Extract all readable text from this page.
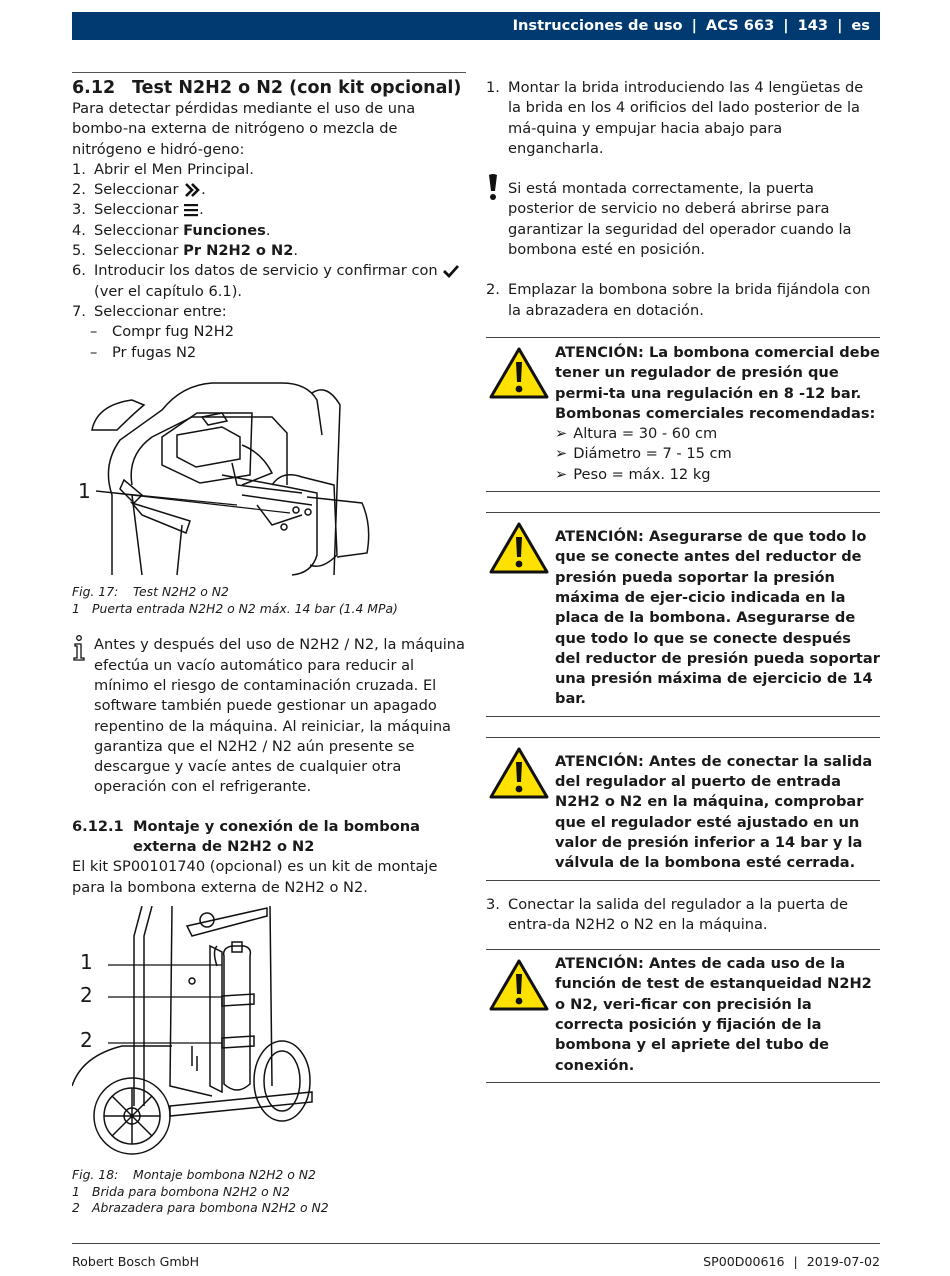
Instrucciones de uso | ACS 663 | 143 | es
6.12 Test N2H2 o N2 (con kit opcional)

Para detectar pérdidas mediante el uso de una bombo-na externa de nitrógeno o mezcla de nitrógeno e hidró-geno:

1. Abrir el Men Principal.
2. Seleccionar .
3. Seleccionar .
4. Seleccionar Funciones.
5. Seleccionar Pr N2H2 o N2.
6. Introducir los datos de servicio y confirmar con
(ver el capítulo 6.1).
7. Seleccionar entre:
– Compr fug N2H2
– Pr fugas N2
1
Fig. 17: Test N2H2 o N2
1 Puerta entrada N2H2 o N2 máx. 14 bar (1.4 MPa)

Antes y después del uso de N2H2 / N2, la máquina efectúa un vacío automático para reducir al mínimo el riesgo de contaminación cruzada. El software también puede gestionar un apagado repentino de la máquina. Al reiniciar, la máquina garantiza que el N2H2 / N2 aún presente se descargue y vacíe antes de cualquier otra operación con el refrigerante.

6.12.1 Montaje y conexión de la bombona externa de N2H2 o N2

El kit SP00101740 (opcional) es un kit de montaje para la bombona externa de N2H2 o N2.

1
2
2
Fig. 18: Montaje bombona N2H2 o N2
1 Brida para bombona N2H2 o N2
2 Abrazadera para bombona N2H2 o N2
1. Montar la brida introduciendo las 4 lengüetas de la brida en los 4 orificios del lado posterior de la má-quina y empujar hacia abajo para engancharla.

Si está montada correctamente, la puerta posterior de servicio no deberá abrirse para garantizar la seguridad del operador cuando la bombona esté en posición.

2. Emplazar la bombona sobre la brida fijándola con la abrazadera en dotación.
ATENCIÓN: La bombona comercial debe tener un regulador de presión que permi-ta una regulación en 8 -12 bar. Bombonas comerciales recomendadas:
➢ Altura = 30 - 60 cm
➢ Diámetro = 7 - 15 cm
➢ Peso = máx. 12 kg
ATENCIÓN: Asegurarse de que todo lo que se conecte antes del reductor de presión pueda soportar la presión máxima de ejer-cicio indicada en la placa de la bombona. Asegurarse de que todo lo que se conecte después del reductor de presión pueda soportar una presión máxima de ejercicio de 14 bar.
ATENCIÓN: Antes de conectar la salida del regulador al puerto de entrada N2H2 o N2 en la máquina, comprobar que el regulador esté ajustado en un valor de presión inferior a 14 bar y la válvula de la bombona esté cerrada.
3. Conectar la salida del regulador a la puerta de entra-da N2H2 o N2 en la máquina.
ATENCIÓN: Antes de cada uso de la función de test de estanqueidad N2H2 o N2, veri-ficar con precisión la correcta posición y fijación de la bombona y el apriete del tubo de conexión.
Robert Bosch GmbH	SP00D00616 | 2019-07-02
